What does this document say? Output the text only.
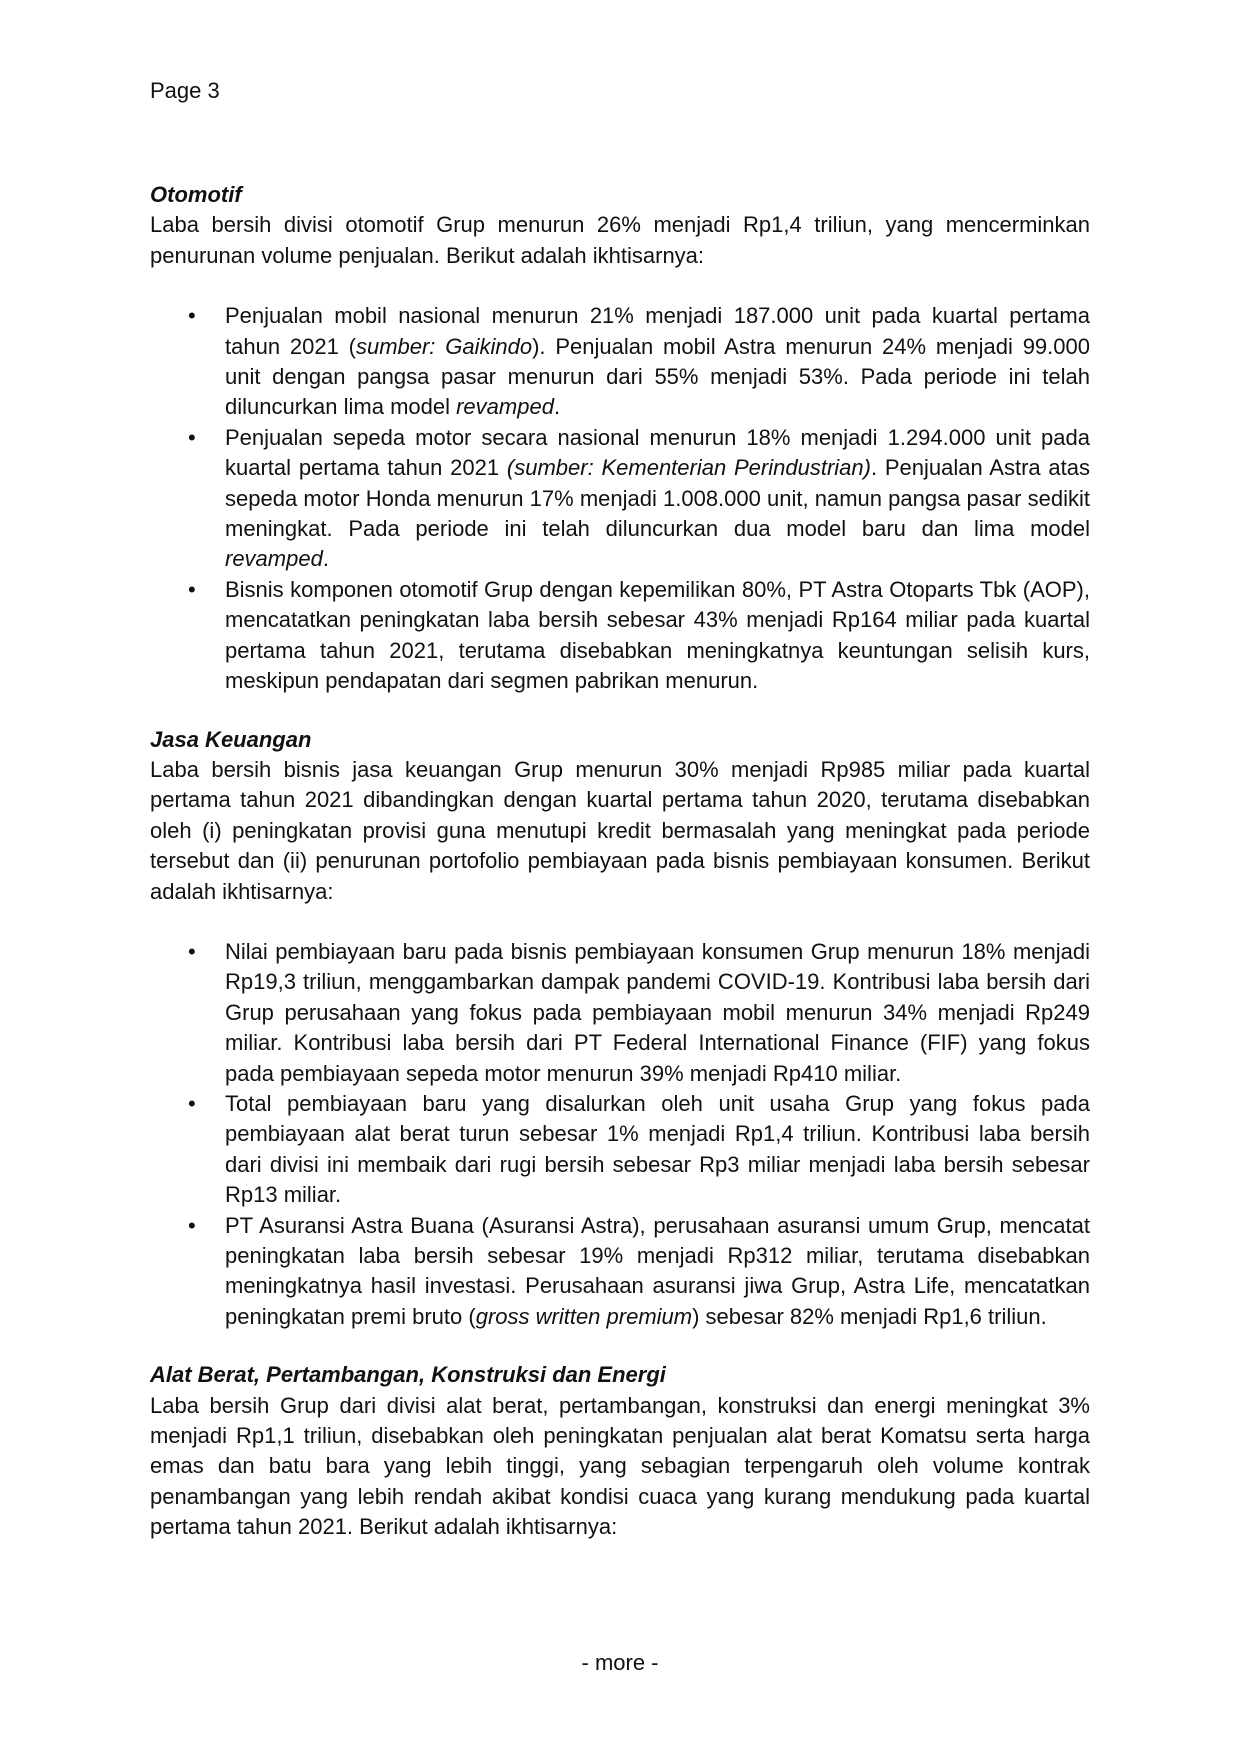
Page 3

Otomotif

Laba bersih divisi otomotif Grup menurun 26% menjadi Rp1,4 triliun, yang mencerminkan penurunan volume penjualan. Berikut adalah ikhtisarnya:

• Penjualan mobil nasional menurun 21% menjadi 187.000 unit pada kuartal pertama tahun 2021 (sumber: Gaikindo). Penjualan mobil Astra menurun 24% menjadi 99.000 unit dengan pangsa pasar menurun dari 55% menjadi 53%. Pada periode ini telah diluncurkan lima model revamped.
• Penjualan sepeda motor secara nasional menurun 18% menjadi 1.294.000 unit pada kuartal pertama tahun 2021 (sumber: Kementerian Perindustrian). Penjualan Astra atas sepeda motor Honda menurun 17% menjadi 1.008.000 unit, namun pangsa pasar sedikit meningkat. Pada periode ini telah diluncurkan dua model baru dan lima model revamped.
• Bisnis komponen otomotif Grup dengan kepemilikan 80%, PT Astra Otoparts Tbk (AOP), mencatatkan peningkatan laba bersih sebesar 43% menjadi Rp164 miliar pada kuartal pertama tahun 2021, terutama disebabkan meningkatnya keuntungan selisih kurs, meskipun pendapatan dari segmen pabrikan menurun.

Jasa Keuangan

Laba bersih bisnis jasa keuangan Grup menurun 30% menjadi Rp985 miliar pada kuartal pertama tahun 2021 dibandingkan dengan kuartal pertama tahun 2020, terutama disebabkan oleh (i) peningkatan provisi guna menutupi kredit bermasalah yang meningkat pada periode tersebut dan (ii) penurunan portofolio pembiayaan pada bisnis pembiayaan konsumen. Berikut adalah ikhtisarnya:

• Nilai pembiayaan baru pada bisnis pembiayaan konsumen Grup menurun 18% menjadi Rp19,3 triliun, menggambarkan dampak pandemi COVID-19. Kontribusi laba bersih dari Grup perusahaan yang fokus pada pembiayaan mobil menurun 34% menjadi Rp249 miliar. Kontribusi laba bersih dari PT Federal International Finance (FIF) yang fokus pada pembiayaan sepeda motor menurun 39% menjadi Rp410 miliar.
• Total pembiayaan baru yang disalurkan oleh unit usaha Grup yang fokus pada pembiayaan alat berat turun sebesar 1% menjadi Rp1,4 triliun. Kontribusi laba bersih dari divisi ini membaik dari rugi bersih sebesar Rp3 miliar menjadi laba bersih sebesar Rp13 miliar.
• PT Asuransi Astra Buana (Asuransi Astra), perusahaan asuransi umum Grup, mencatat peningkatan laba bersih sebesar 19% menjadi Rp312 miliar, terutama disebabkan meningkatnya hasil investasi. Perusahaan asuransi jiwa Grup, Astra Life, mencatatkan peningkatan premi bruto (gross written premium) sebesar 82% menjadi Rp1,6 triliun.

Alat Berat, Pertambangan, Konstruksi dan Energi

Laba bersih Grup dari divisi alat berat, pertambangan, konstruksi dan energi meningkat 3% menjadi Rp1,1 triliun, disebabkan oleh peningkatan penjualan alat berat Komatsu serta harga emas dan batu bara yang lebih tinggi, yang sebagian terpengaruh oleh volume kontrak penambangan yang lebih rendah akibat kondisi cuaca yang kurang mendukung pada kuartal pertama tahun 2021. Berikut adalah ikhtisarnya:

- more -
